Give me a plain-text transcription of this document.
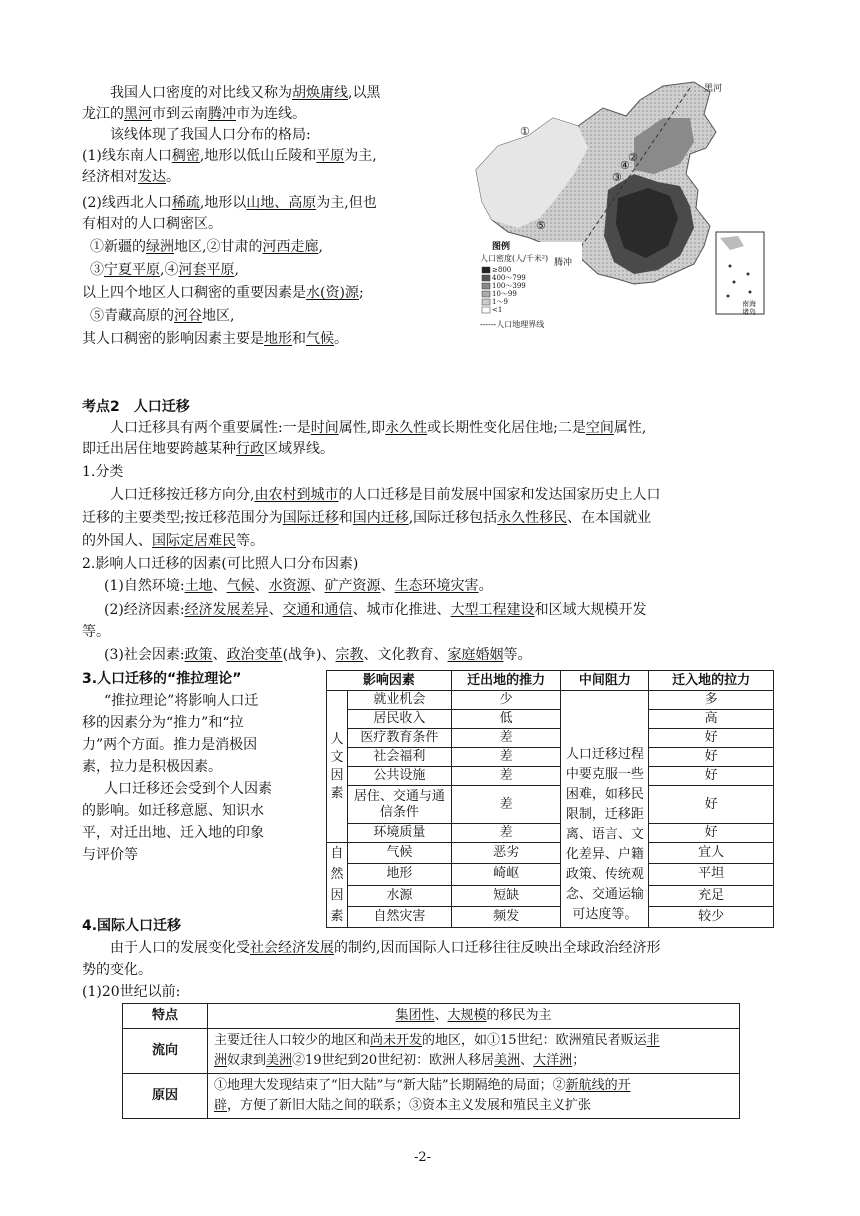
我国人口密度的对比线又称为胡焕庸线,以黑
龙江的黑河市到云南腾冲市为连线。
该线体现了我国人口分布的格局:
(1)线东南人口稠密,地形以低山丘陵和平原为主,
经济相对发达。
(2)线西北人口稀疏,地形以山地、高原为主,但也
有相对的人口稠密区。
①新疆的绿洲地区,②甘肃的河西走廊,
③宁夏平原,④河套平原,
以上四个地区人口稠密的重要因素是水(资)源;
⑤青藏高原的河谷地区,
其人口稠密的影响因素主要是地形和气候。
黑河
腾冲
①
②
③
④
⑤
图例
人口密度(人/千米²)
≥800
400～799
100～399
10～99
1～9
<1
------人口地理界线
南海诸岛
考点2　人口迁移
人口迁移具有两个重要属性:一是时间属性,即永久性或长期性变化居住地;二是空间属性,
即迁出居住地要跨越某种行政区域界线。
1.分类
人口迁移按迁移方向分,由农村到城市的人口迁移是目前发展中国家和发达国家历史上人口
迁移的主要类型;按迁移范围分为国际迁移和国内迁移,国际迁移包括永久性移民、在本国就业
的外国人、国际定居难民等。
2.影响人口迁移的因素(可比照人口分布因素)
(1)自然环境:土地、气候、水资源、矿产资源、生态环境灾害。
(2)经济因素:经济发展差异、交通和通信、城市化推进、大型工程建设和区域大规模开发
等。
(3)社会因素:政策、政治变革(战争)、宗教、文化教育、家庭婚姻等。
3.人口迁移的“推拉理论”
“推拉理论”将影响人口迁
移的因素分为“推力”和“拉
力”两个方面。推力是消极因
素，拉力是积极因素。
人口迁移还会受到个人因素
的影响。如迁移意愿、知识水
平，对迁出地、迁入地的印象
与评价等
影响因素		迁出地的推力	中间阻力	迁入地的拉力
人文因素	就业机会	少	人口迁移过程中要克服一些困难，如移民限制，迁移距离、语言、文化差异、户籍政策、传统观念、交通运输可达度等。	多
	居民收入	低		高
	医疗教育条件	差		好
	社会福利	差		好
	公共设施	差		好
	居住、交通与通信条件	差		好
	环境质量	差		好
自然因素	气候	恶劣		宜人
	地形	崎岖		平坦
	水源	短缺		充足
	自然灾害	频发		较少
4.国际人口迁移
由于人口的发展变化受社会经济发展的制约,因而国际人口迁移往往反映出全球政治经济形
势的变化。
(1)20世纪以前:
特点	集团性、大规模的移民为主
流向	主要迁往人口较少的地区和尚未开发的地区，如①15世纪：欧洲殖民者贩运非
洲奴隶到美洲②19世纪到20世纪初：欧洲人移居美洲、大洋洲；

原因	①地理大发现结束了“旧大陆”与“新大陆”长期隔绝的局面；②新航线的开
辟，方便了新旧大陆之间的联系；③资本主义发展和殖民主义扩张
-2-
